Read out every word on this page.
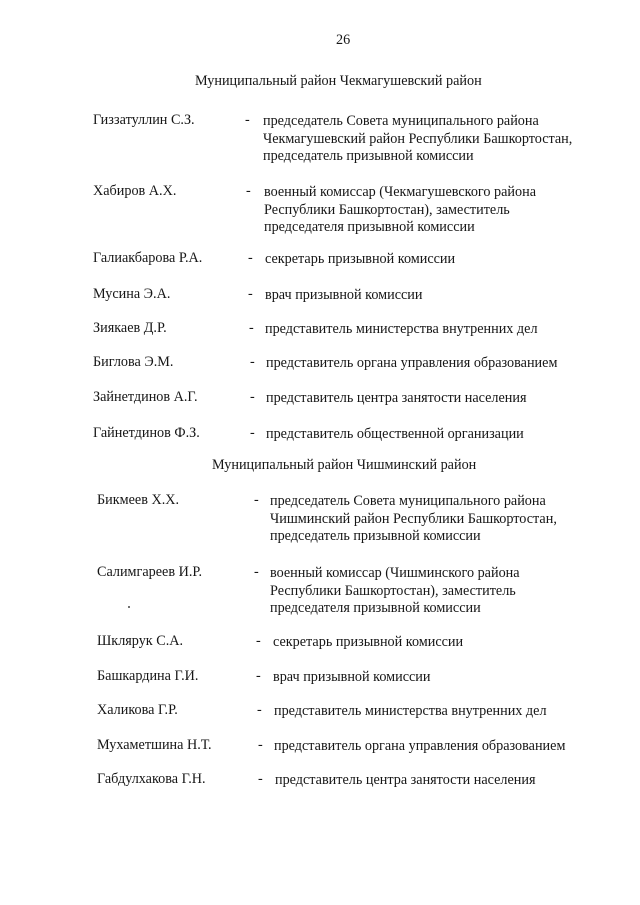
26
Муниципальный район Чекмагушевский район
Гиззатуллин С.З.	- председатель Совета муниципального района
Чекмагушевский район Республики Башкортостан,
председатель призывной комиссии
Хабиров А.Х.	- военный комиссар (Чекмагушевского района
Республики Башкортостан), заместитель
председателя призывной комиссии
Галиакбарова Р.А.	- секретарь призывной комиссии
Мусина Э.А.	- врач призывной комиссии
Зиякаев Д.Р.	- представитель министерства внутренних дел
Биглова Э.М.	- представитель органа управления образованием
Зайнетдинов А.Г.	- представитель центра занятости населения
Гайнетдинов Ф.З.	- представитель общественной организации
Муниципальный район Чишминский район
Бикмеев Х.Х.	- председатель Совета муниципального района
Чишминский район Республики Башкортостан,
председатель призывной комиссии
Салимгареев И.Р.	- военный комиссар (Чишминского района
Республики Башкортостан), заместитель
председателя призывной комиссии
Шклярук С.А.	- секретарь призывной комиссии
Башкардина Г.И.	- врач призывной комиссии
Халикова Г.Р.	- представитель министерства внутренних дел
Мухаметшина Н.Т.	- представитель органа управления образованием
Габдулхакова Г.Н.	- представитель центра занятости населения
